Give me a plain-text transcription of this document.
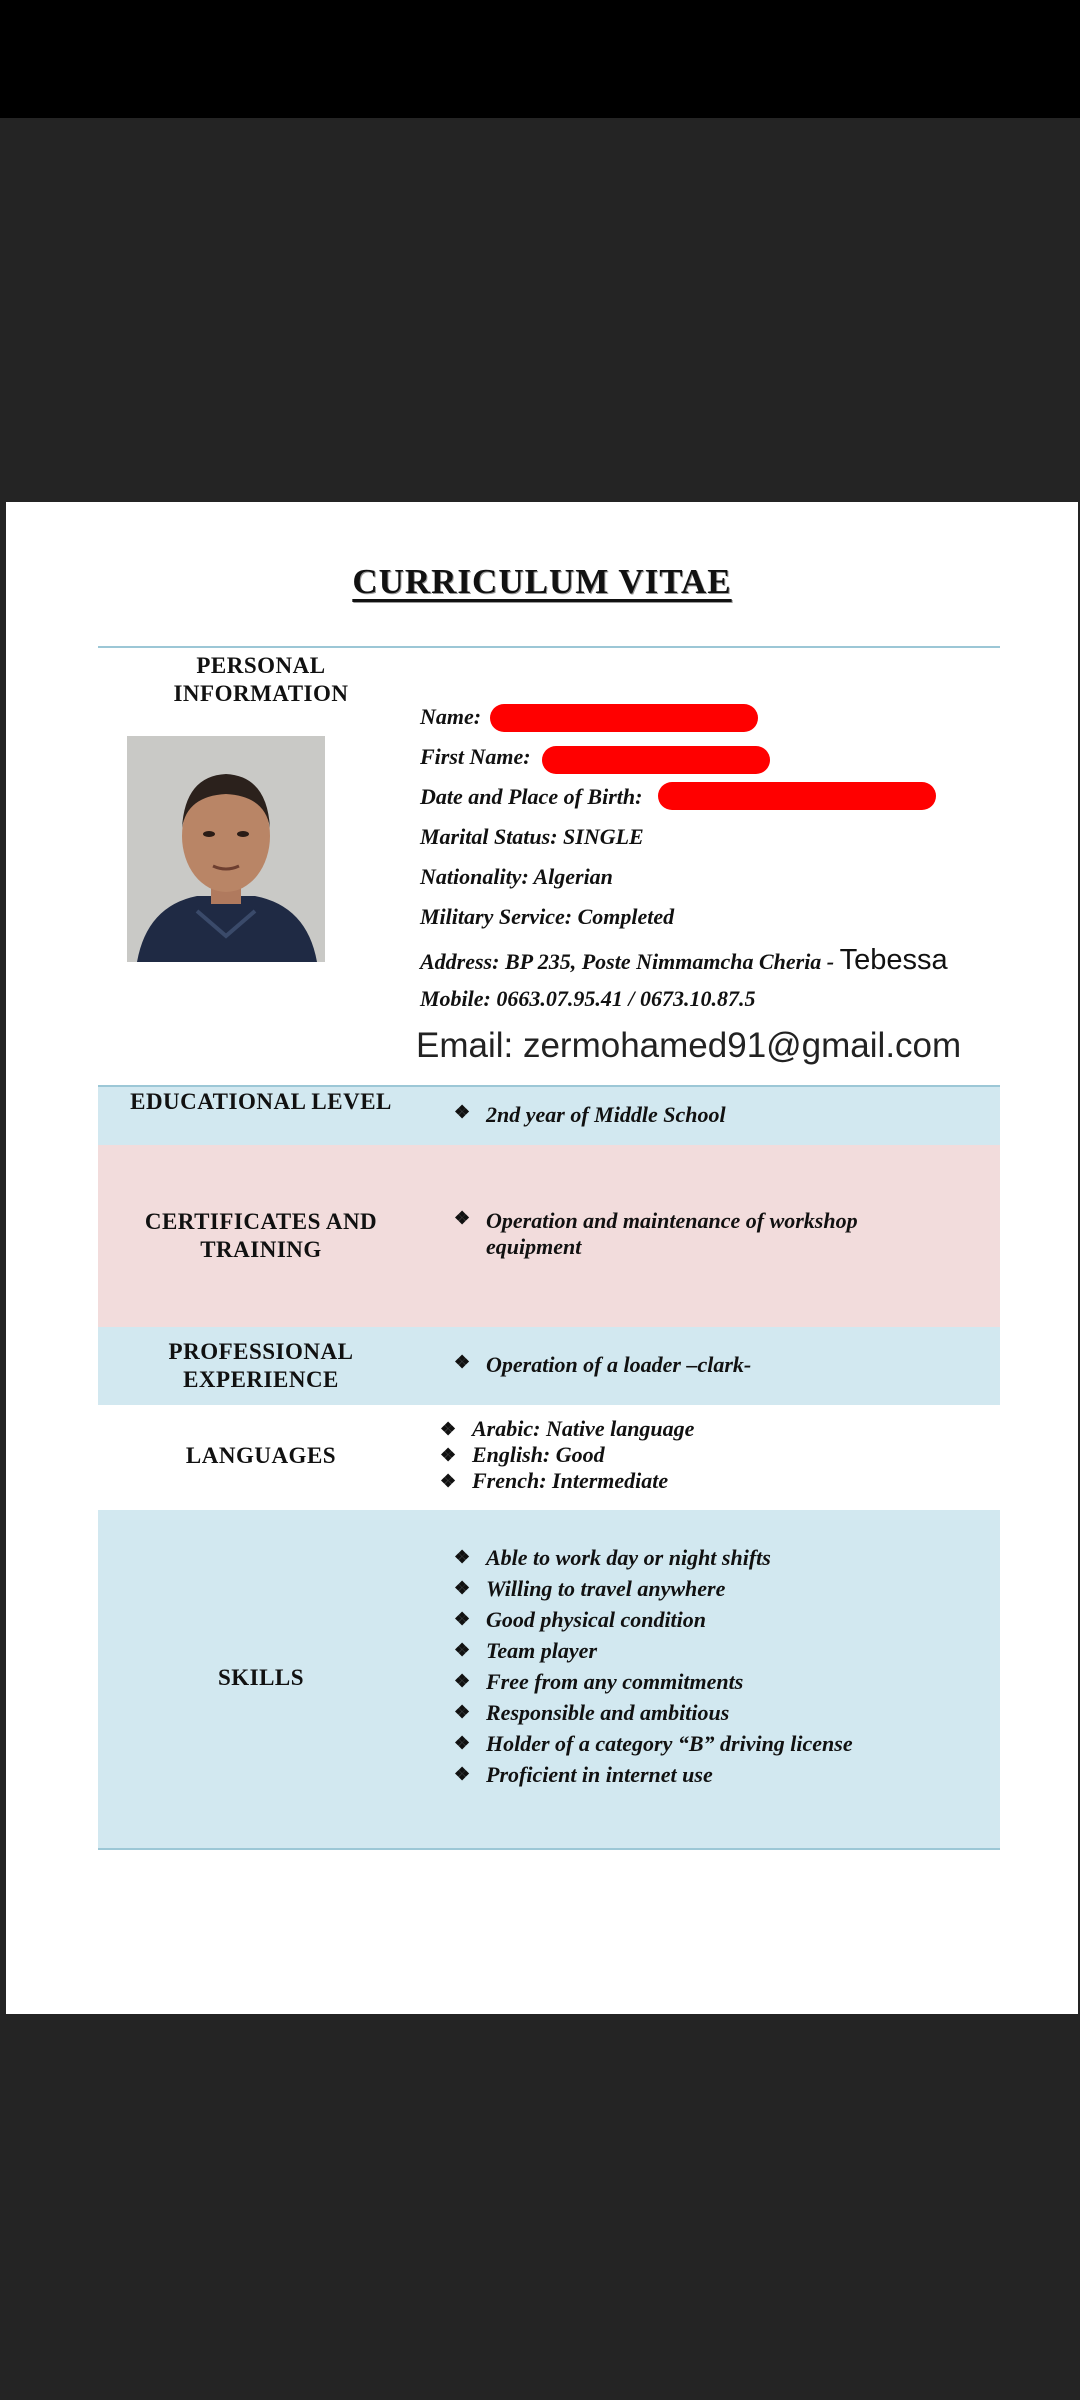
CURRICULUM VITAE
PERSONAL INFORMATION
Name:
First Name:
Date and Place of Birth:
Marital Status: SINGLE
Nationality: Algerian
Military Service: Completed
Address: BP 235, Poste Nimmamcha Cheria - Tebessa
Mobile: 0663.07.95.41 / 0673.10.87.5
Email: zermohamed91@gmail.com
EDUCATIONAL LEVEL	❖ 2nd year of Middle School
CERTIFICATES AND TRAINING
❖ Operation and maintenance of workshop
equipment
PROFESSIONAL EXPERIENCE
❖ Operation of a loader –clark-
LANGUAGES
❖ Arabic: Native language
❖ English: Good
❖ French: Intermediate
SKILLS
❖ Able to work day or night shifts
❖ Willing to travel anywhere
❖ Good physical condition
❖ Team player
❖ Free from any commitments
❖ Responsible and ambitious
❖ Holder of a category “B” driving license
❖ Proficient in internet use
